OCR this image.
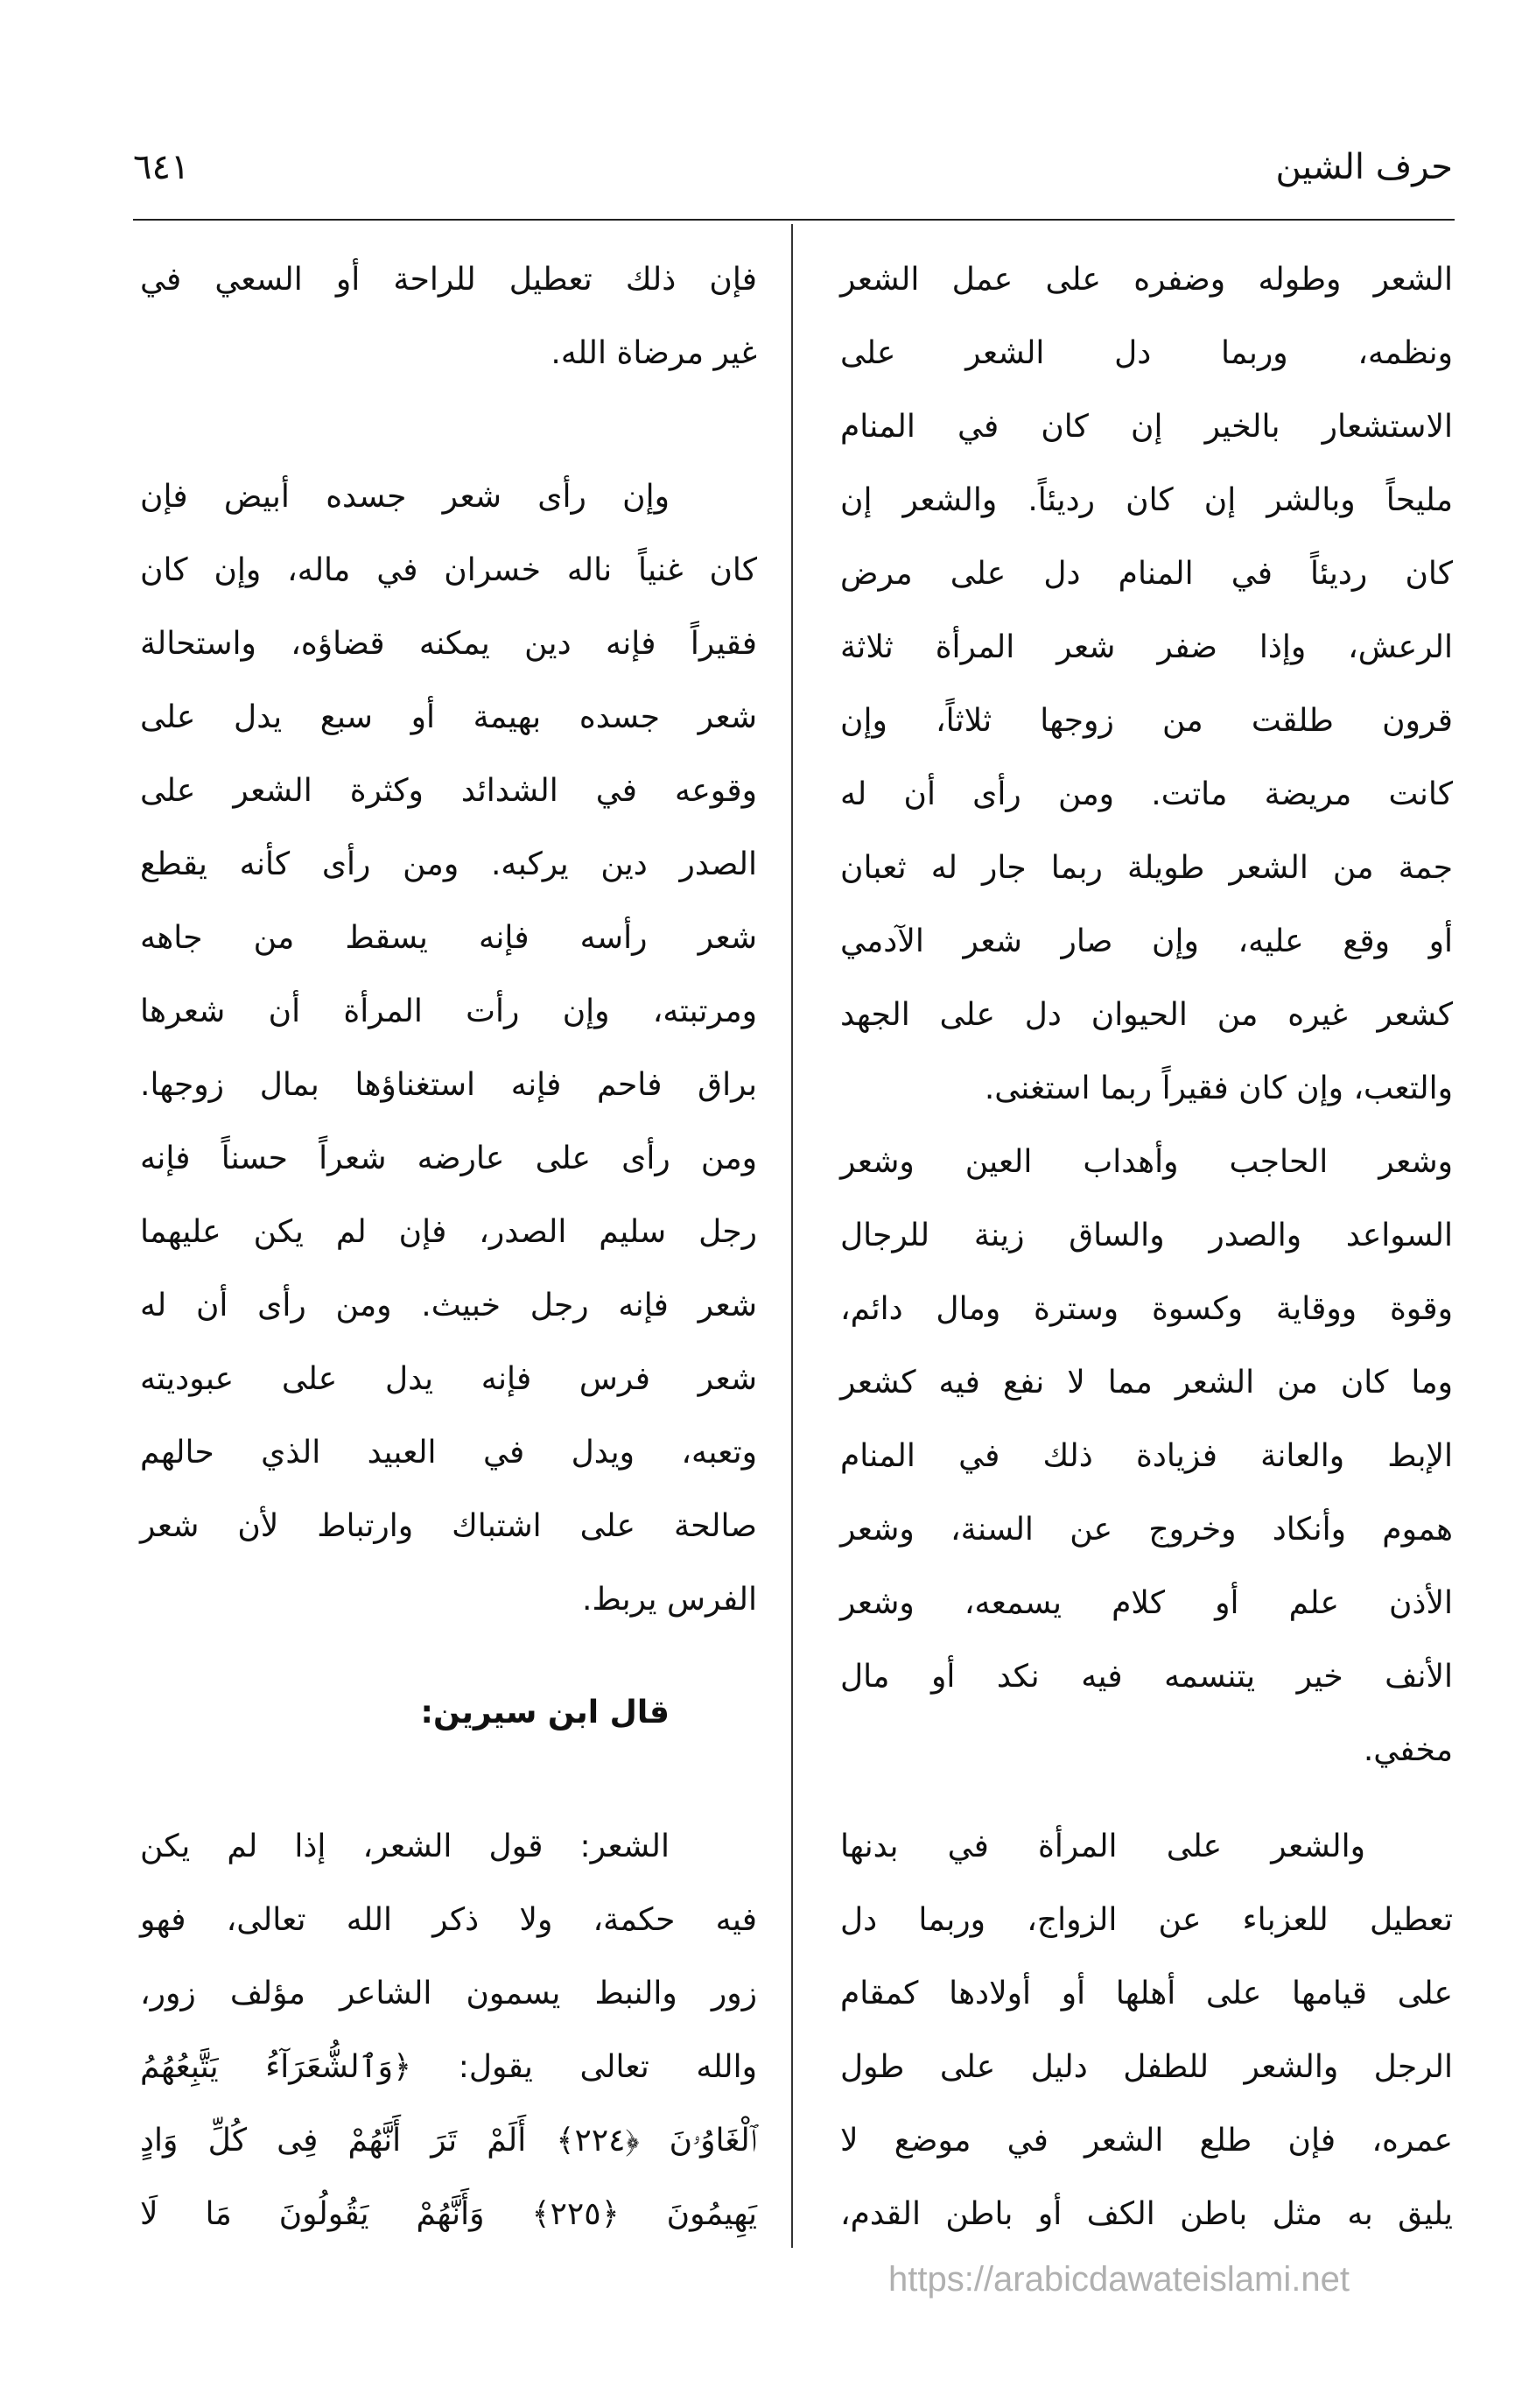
حرف الشين
٦٤١
الشعر وطوله وضفره على عمل الشعر
ونظمه، وربما دل الشعر على
الاستشعار بالخير إن كان في المنام
مليحاً وبالشر إن كان رديئاً. والشعر إن
كان رديئاً في المنام دل على مرض
الرعش، وإذا ضفر شعر المرأة ثلاثة
قرون طلقت من زوجها ثلاثاً، وإن
كانت مريضة ماتت. ومن رأى أن له
جمة من الشعر طويلة ربما جار له ثعبان
أو وقع عليه، وإن صار شعر الآدمي
كشعر غيره من الحيوان دل على الجهد
والتعب، وإن كان فقيراً ربما استغنى.
وشعر الحاجب وأهداب العين وشعر
السواعد والصدر والساق زينة للرجال
وقوة ووقاية وكسوة وسترة ومال دائم،
وما كان من الشعر مما لا نفع فيه كشعر
الإبط والعانة فزيادة ذلك في المنام
هموم وأنكاد وخروج عن السنة، وشعر
الأذن علم أو كلام يسمعه، وشعر
الأنف خير يتنسمه فيه نكد أو مال
مخفي.
والشعر على المرأة في بدنها
تعطيل للعزباء عن الزواج، وربما دل
على قيامها على أهلها أو أولادها كمقام
الرجل والشعر للطفل دليل على طول
عمره، فإن طلع الشعر في موضع لا
يليق به مثل باطن الكف أو باطن القدم،
فإن ذلك تعطيل للراحة أو السعي في
غير مرضاة الله.
وإن رأى شعر جسده أبيض فإن
كان غنياً ناله خسران في ماله، وإن كان
فقيراً فإنه دين يمكنه قضاؤه، واستحالة
شعر جسده بهيمة أو سبع يدل على
وقوعه في الشدائد وكثرة الشعر على
الصدر دين يركبه. ومن رأى كأنه يقطع
شعر رأسه فإنه يسقط من جاهه
ومرتبته، وإن رأت المرأة أن شعرها
براق فاحم فإنه استغناؤها بمال زوجها.
ومن رأى على عارضه شعراً حسناً فإنه
رجل سليم الصدر، فإن لم يكن عليهما
شعر فإنه رجل خبيث. ومن رأى أن له
شعر فرس فإنه يدل على عبوديته
وتعبه، ويدل في العبيد الذي حالهم
صالحة على اشتباك وارتباط لأن شعر
الفرس يربط.
قال ابن سيرين:
الشعر: قول الشعر، إذا لم يكن
فيه حكمة، ولا ذكر الله تعالى، فهو
زور والنبط يسمون الشاعر مؤلف زور،
والله تعالى يقول: ﴿وَٱلشُّعَرَآءُ يَتَّبِعُهُمُ
ٱلْغَاوُۥنَ ﴿٢٢٤﴾ أَلَمْ تَرَ أَنَّهُمْ فِى كُلِّ وَادٍ
يَهِيمُونَ ﴿٢٢٥﴾ وَأَنَّهُمْ يَقُولُونَ مَا لَا
https://arabicdawateislami.net
